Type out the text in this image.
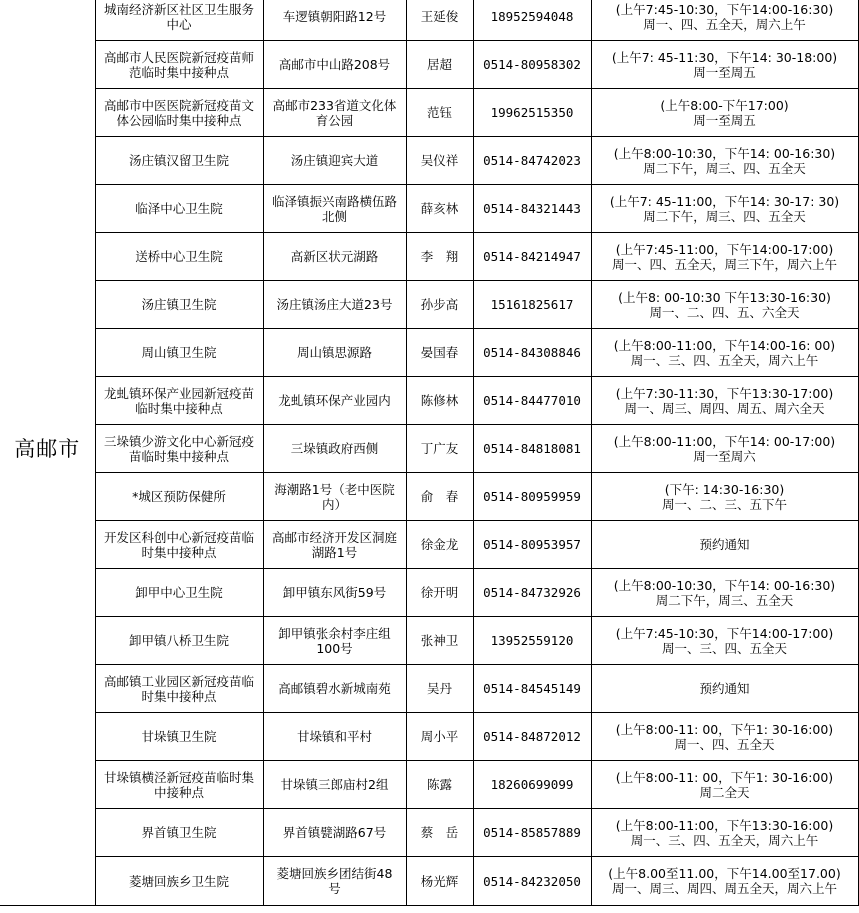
高邮市	城南经济新区社区卫生服务
中心	车逻镇朝阳路12号	王延俊	18952594048	(上午7:45-10:30，下午14:00-16:30)
周一、四、五全天，周六上午

	高邮市人民医院新冠疫苗师
范临时集中接种点	高邮市中山路208号	居超	0514-80958302	(上午7: 45-11:30，下午14: 30-18:00)
周一至周五

	高邮市中医医院新冠疫苗文
体公园临时集中接种点	高邮市233省道文化体
育公园	范钰	19962515350	(上午8:00-下午17:00)
周一至周五

	汤庄镇汉留卫生院	汤庄镇迎宾大道	吴仪祥	0514-84742023	(上午8:00-10:30，下午14: 00-16:30)
周二下午，周三、四、五全天

	临泽中心卫生院	临泽镇振兴南路横伍路
北侧	薛亥林	0514-84321443	(上午7: 45-11:00，下午14: 30-17: 30)
周二下午，周三、四、五全天

	送桥中心卫生院	高新区状元湖路	李　翔	0514-84214947	(上午7:45-11:00，下午14:00-17:00)
周一、四、五全天，周三下午，周六上午

	汤庄镇卫生院	汤庄镇汤庄大道23号	孙步高	15161825617	(上午8: 00-10:30 下午13:30-16:30)
周一、二、四、五、六全天

	周山镇卫生院	周山镇思源路	晏国春	0514-84308846	(上午8:00-11:00，下午14:00-16: 00)
周一、三、四、五全天，周六上午

	龙虬镇环保产业园新冠疫苗
临时集中接种点	龙虬镇环保产业园内	陈修林	0514-84477010	(上午7:30-11:30，下午13:30-17:00)
周一、周三、周四、周五、周六全天

	三垛镇少游文化中心新冠疫
苗临时集中接种点	三垛镇政府西侧	丁广友	0514-84818081	(上午8:00-11:00，下午14: 00-17:00)
周一至周六

	*城区预防保健所	海潮路1号（老中医院
内）	俞　春	0514-80959959	(下午: 14:30-16:30)
周一、二、三、五下午

	开发区科创中心新冠疫苗临
时集中接种点	高邮市经济开发区洞庭
湖路1号	徐金龙	0514-80953957	预约通知

	卸甲中心卫生院	卸甲镇东风街59号	徐开明	0514-84732926	(上午8:00-10:30，下午14: 00-16:30)
周二下午，周三、五全天

	卸甲镇八桥卫生院	卸甲镇张余村李庄组
100号	张神卫	13952559120	(上午7:45-10:30，下午14:00-17:00)
周一、三、四、五全天

	高邮镇工业园区新冠疫苗临
时集中接种点	高邮镇碧水新城南苑	吴丹	0514-84545149	预约通知

	甘垛镇卫生院	甘垛镇和平村	周小平	0514-84872012	(上午8:00-11: 00，下午1: 30-16:00)
周一、四、五全天

	甘垛镇横泾新冠疫苗临时集
中接种点	甘垛镇三郎庙村2组	陈露	18260699099	(上午8:00-11: 00，下午1: 30-16:00)
周二全天

	界首镇卫生院	界首镇甓湖路67号	蔡　岳	0514-85857889	(上午8:00-11:00，下午13:30-16:00)
周一、三、四、五全天，周六上午

	菱塘回族乡卫生院	菱塘回族乡团结街48
号	杨光辉	0514-84232050	(上午8.00至11.00，下午14.00至17.00)
周一、周三、周四、周五全天，周六上午
